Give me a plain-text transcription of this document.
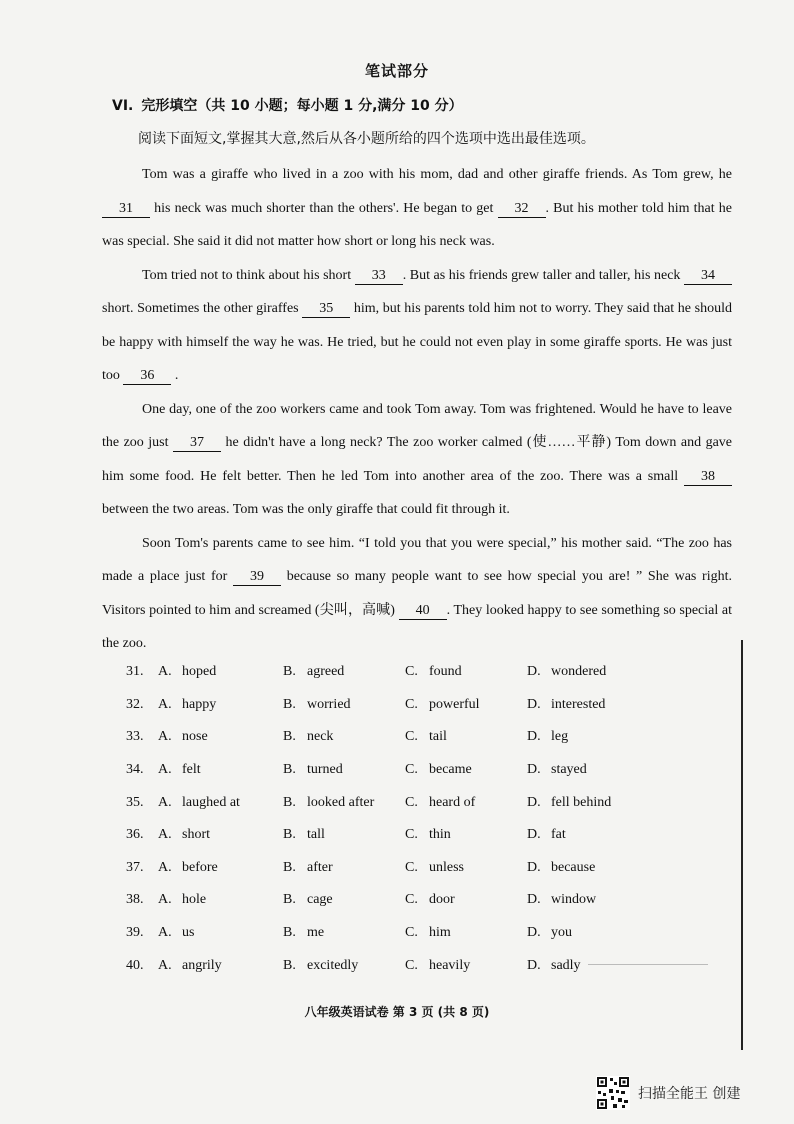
笔试部分
VI. 完形填空（共 10 小题；每小题 1 分,满分 10 分）
阅读下面短文,掌握其大意,然后从各小题所给的四个选项中选出最佳选项。

Tom was a giraffe who lived in a zoo with his mom, dad and other giraffe friends. As Tom grew, he 31 his neck was much shorter than the others'. He began to get 32 . But his mother told him that he was special. She said it did not matter how short or long his neck was.

Tom tried not to think about his short 33 . But as his friends grew taller and taller, his neck 34 short. Sometimes the other giraffes 35 him, but his parents told him not to worry. They said that he should be happy with himself the way he was. He tried, but he could not even play in some giraffe sports. He was just too 36 .

One day, one of the zoo workers came and took Tom away. Tom was frightened. Would he have to leave the zoo just 37 he didn't have a long neck? The zoo worker calmed (使……平静) Tom down and gave him some food. He felt better. Then he led Tom into another area of the zoo. There was a small 38 between the two areas. Tom was the only giraffe that could fit through it.

Soon Tom's parents came to see him. “I told you that you were special,” his mother said. “The zoo has made a place just for 39 because so many people want to see how special you are! ” She was right. Visitors pointed to him and screamed (尖叫，高喊) 40 . They looked happy to see something so special at the zoo.

31.	A. hoped	B. agreed	C. found	D. wondered
32.	A. happy	B. worried	C. powerful	D. interested
33.	A. nose	B. neck	C. tail	D. leg
34.	A. felt	B. turned	C. became	D. stayed
35.	A. laughed at	B. looked after C. heard of	D. fell behind
36.	A. short	B. tall	C. thin	D. fat
37.	A. before	B. after	C. unless	D. because
38.	A. hole	B. cage	C. door	D. window
39.	A. us	B. me	C. him	D. you
40.	A. angrily	B. excitedly	C. heavily	D. sadly
八年级英语试卷 第 3 页 (共 8 页)
扫描全能王 创建
